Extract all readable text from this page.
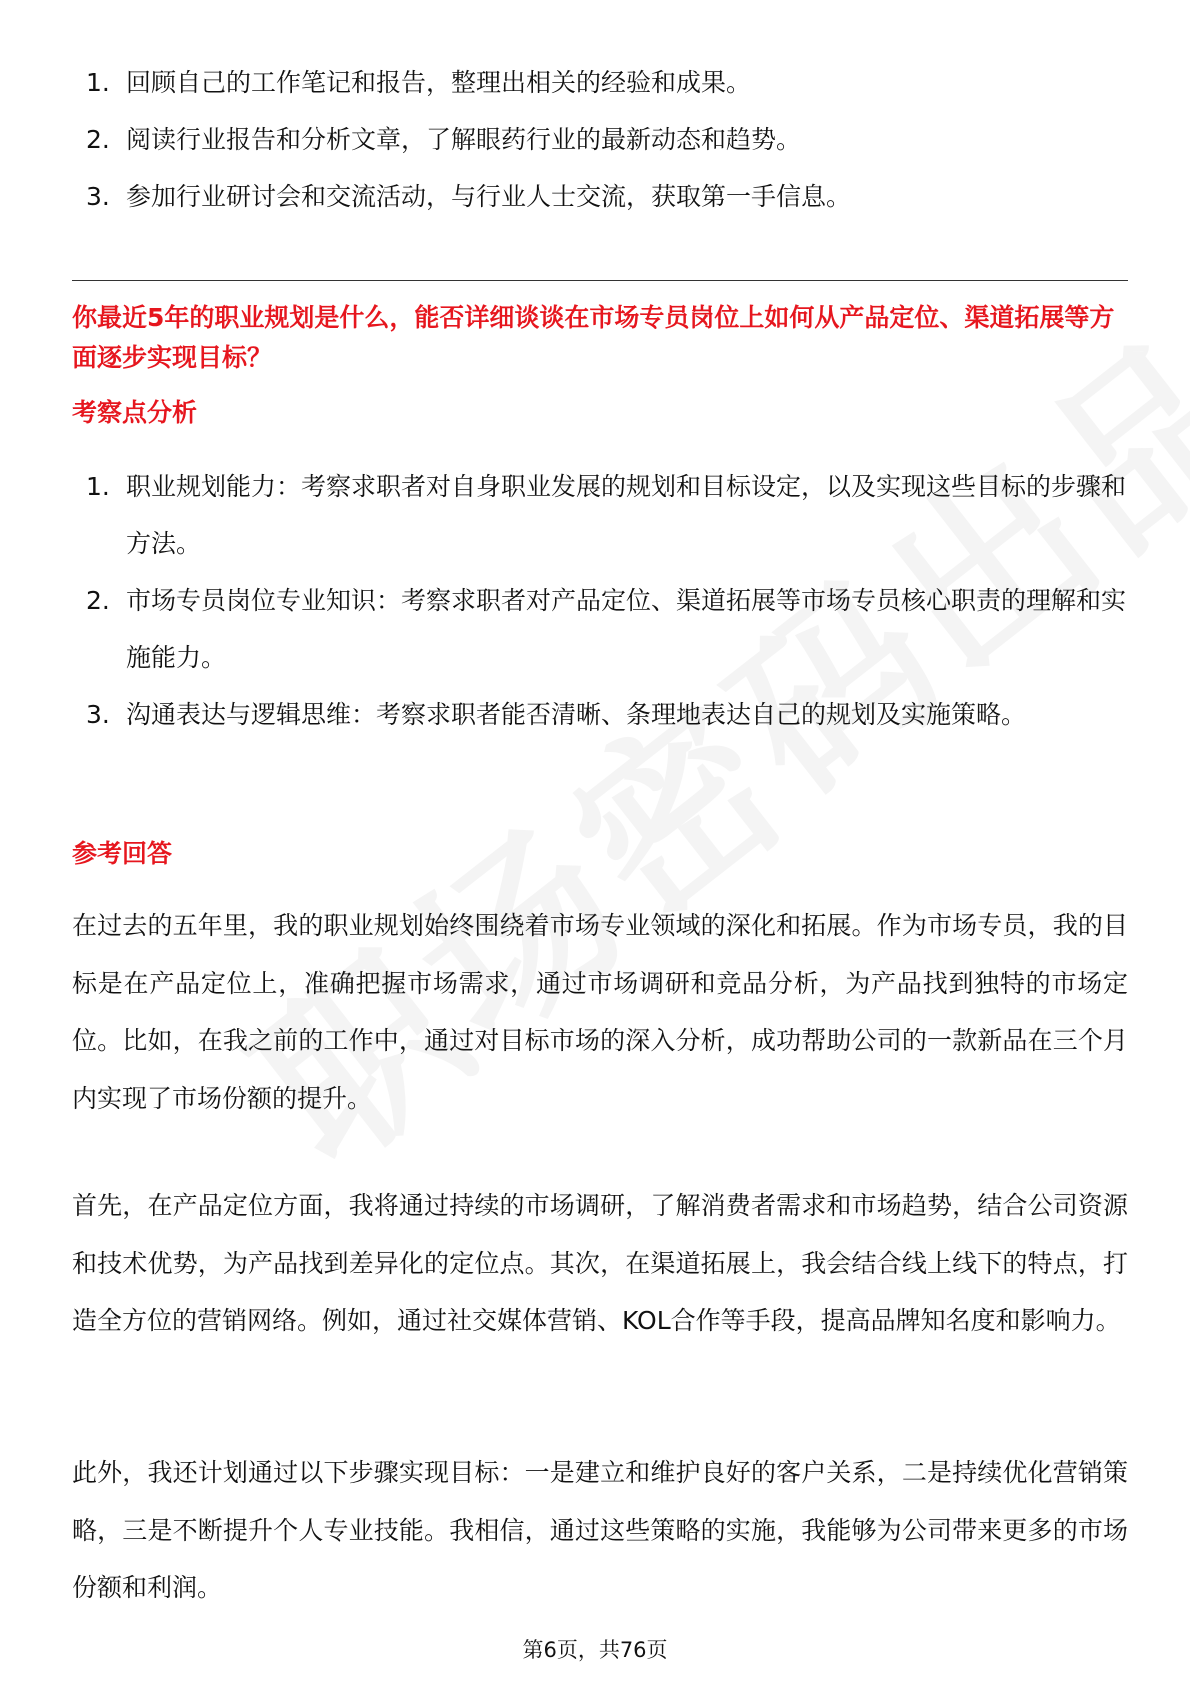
1. 回顾自己的工作笔记和报告，整理出相关的经验和成果。
2. 阅读行业报告和分析文章，了解眼药行业的最新动态和趋势。
3. 参加行业研讨会和交流活动，与行业人士交流，获取第一手信息。
你最近5年的职业规划是什么，能否详细谈谈在市场专员岗位上如何从产品定位、渠道拓展等方面逐步实现目标？
考察点分析
1. 职业规划能力：考察求职者对自身职业发展的规划和目标设定，以及实现这些目标的步骤和方法。
2. 市场专员岗位专业知识：考察求职者对产品定位、渠道拓展等市场专员核心职责的理解和实施能力。
3. 沟通表达与逻辑思维：考察求职者能否清晰、条理地表达自己的规划及实施策略。
参考回答

在过去的五年里，我的职业规划始终围绕着市场专业领域的深化和拓展。作为市场专员，我的目标是在产品定位上，准确把握市场需求，通过市场调研和竞品分析，为产品找到独特的市场定位。比如，在我之前的工作中，通过对目标市场的深入分析，成功帮助公司的一款新品在三个月内实现了市场份额的提升。

首先，在产品定位方面，我将通过持续的市场调研，了解消费者需求和市场趋势，结合公司资源和技术优势，为产品找到差异化的定位点。其次，在渠道拓展上，我会结合线上线下的特点，打造全方位的营销网络。例如，通过社交媒体营销、KOL合作等手段，提高品牌知名度和影响力。

此外，我还计划通过以下步骤实现目标：一是建立和维护良好的客户关系，二是持续优化营销策略，三是不断提升个人专业技能。我相信，通过这些策略的实施，我能够为公司带来更多的市场份额和利润。

第6页，共76页
